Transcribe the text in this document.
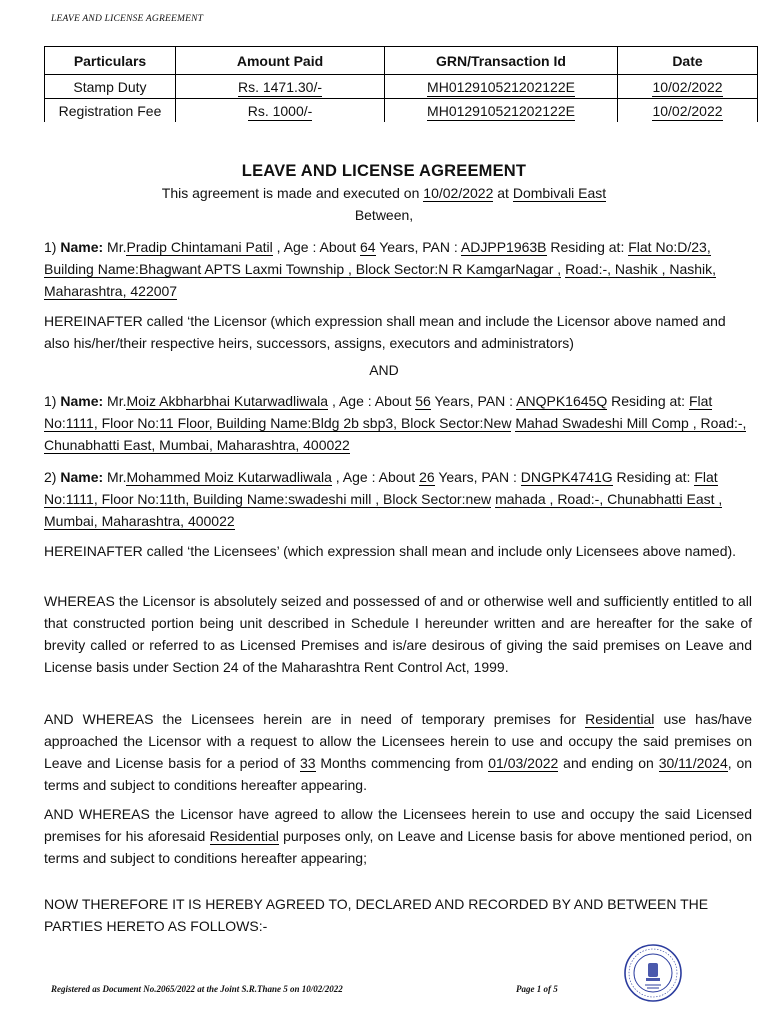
LEAVE AND LICENSE AGREEMENT
Particulars	Amount Paid	GRN/Transaction Id	Date
Stamp Duty	Rs. 1471.30/-	MH012910521202122E	10/02/2022
Registration Fee	Rs. 1000/-	MH012910521202122E	10/02/2022
LEAVE AND LICENSE AGREEMENT
This agreement is made and executed on 10/02/2022 at Dombivali East
Between,
1) Name: Mr.Pradip Chintamani Patil , Age : About 64 Years, PAN : ADJPP1963B Residing at: Flat No:D/23, Building Name:Bhagwant APTS Laxmi Township , Block Sector:N R KamgarNagar , Road:-, Nashik , Nashik, Maharashtra, 422007
HEREINAFTER called ‘the Licensor (which expression shall mean and include the Licensor above named and also his/her/their respective heirs, successors, assigns, executors and administrators)
AND
1) Name: Mr.Moiz Akbharbhai Kutarwadliwala , Age : About 56 Years, PAN : ANQPK1645Q Residing at: Flat No:1111, Floor No:11 Floor, Building Name:Bldg 2b sbp3, Block Sector:New Mahad Swadeshi Mill Comp , Road:-, Chunabhatti East, Mumbai, Maharashtra, 400022
2) Name: Mr.Mohammed Moiz Kutarwadliwala , Age : About 26 Years, PAN : DNGPK4741G Residing at: Flat No:1111, Floor No:11th, Building Name:swadeshi mill , Block Sector:new mahada , Road:-, Chunabhatti East , Mumbai, Maharashtra, 400022
HEREINAFTER called ‘the Licensees’ (which expression shall mean and include only Licensees above named).
WHEREAS the Licensor is absolutely seized and possessed of and or otherwise well and sufficiently entitled to all that constructed portion being unit described in Schedule I hereunder written and are hereafter for the sake of brevity called or referred to as Licensed Premises and is/are desirous of giving the said premises on Leave and License basis under Section 24 of the Maharashtra Rent Control Act, 1999.
AND WHEREAS the Licensees herein are in need of temporary premises for Residential use has/have approached the Licensor with a request to allow the Licensees herein to use and occupy the said premises on Leave and License basis for a period of 33 Months commencing from 01/03/2022 and ending on 30/11/2024, on terms and subject to conditions hereafter appearing.
AND WHEREAS the Licensor have agreed to allow the Licensees herein to use and occupy the said Licensed premises for his aforesaid Residential purposes only, on Leave and License basis for above mentioned period, on terms and subject to conditions hereafter appearing;
NOW THEREFORE IT IS HEREBY AGREED TO, DECLARED AND RECORDED BY AND BETWEEN THE PARTIES HERETO AS FOLLOWS:-
Registered as Document No.2065/2022 at the Joint S.R.Thane 5 on 10/02/2022	Page 1 of 5
